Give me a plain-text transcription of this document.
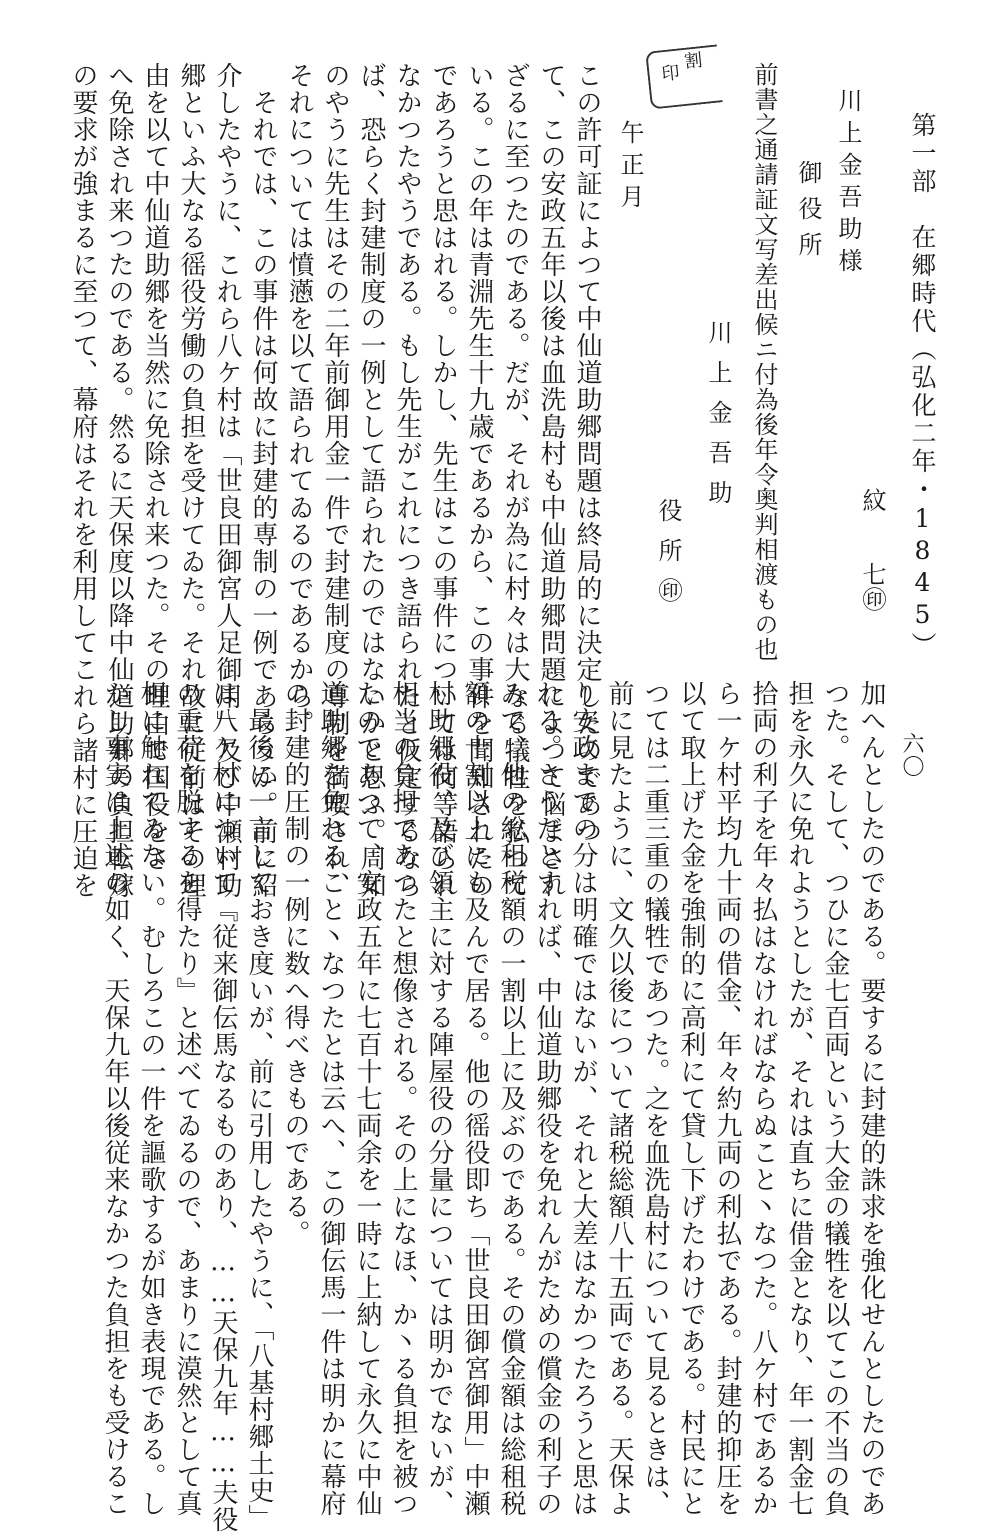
第一部　在郷時代（弘化二年・1845）
六〇
紋
七㊞
前書之通請証文写差出候ニ付為後年令奥判相渡もの也
川上金吾助
役所㊞
印
割
午正月	御役所 川上金吾助様
この許可証によつて中仙道助郷問題は終局的に決定したのであつ
て、この安政五年以後は血洗島村も中仙道助郷問題によつて悩まされ
ざるに至つたのである。だが、それが為に村々は大なる犠牲を払つて
いる。この年は青淵先生十九歳であるから、この事件を聞知されたの
であろうと思はれる。しかし、先生はこの事件については何等語られ
なかつたやうである。もし先生がこれにつき語られたと仮定するなら
ば、恐らく封建制度の一例として語られたのではないかと思ふ。周知
のやうに先生はその二年前御用金一件で封建制度の専制を満喫され、
それについては憤懣を以て語られてゐるのであるから。
　それでは、この事件は何故に封建的専制の一例であらうか。前に紹
介したやうに、これら八ケ村は「世良田御宮人足御用」及び中瀬村助
郷といふ大なる徭役労働の負担を受けてゐた。それ故に従前はその理
由を以て中仙道助郷を当然に免除され来つた。その理由で国役をさ
へ免除され来つたのである。然るに天保度以降中仙道助郷の負担転嫁
の要求が強まるに至つて、幕府はそれを利用してこれら諸村に圧迫を
加へんとしたのである。要するに封建的誅求を強化せんとしたのであ
つた。そして、つひに金七百両という大金の犠牲を以てこの不当の負
担を永久に免れようとしたが、それは直ちに借金となり、年一割金七
拾両の利子を年々払はなければならぬこと丶なつた。八ケ村であるか
ら一ケ村平均九十両の借金、年々約九両の利払である。封建的抑圧を
以て取上げた金を強制的に高利にて貸し下げたわけである。村民にと
つては二重三重の犠牲であつた。之を血洗島村について見るときは、
前に見たように、文久以後について諸税総額八十五両である。天保よ
り安政までの分は明確ではないが、それと大差はなかつたろうと思は
れる。さうだとすれば、中仙道助郷役を免れんがための償金の利子の
みで、他の総租税額の一割以上に及ぶのである。その償金額は総租税
額の十割以上にも及んで居る。他の徭役即ち「世良田御宮御用」中瀬
村助郷役、及び領主に対する陣屋役の分量については明かでないが、
相当の負担であつたと想像される。その上になほ、か丶る負担を被つ
たのであつて、安政五年に七百十七両余を一時に上納して永久に中仙
道助郷を免れること丶なつたとは云へ、この御伝馬一件は明かに幕府
の封建的圧制の一例に数へ得べきものである。
　最後に一言しておき度いが、前に引用したやうに、「八基村郷土史」
は八ケ村について『従来御伝馬なるものあり、……天保九年……夫役
の重荷を脱するを得たり』と述べてゐるので、あまりに漠然として真
相に触れてゐない。むしろこの一件を謳歌するが如き表現である。し
かし事実は上述の如く、天保九年以後従来なかつた負担をも受けるこ
